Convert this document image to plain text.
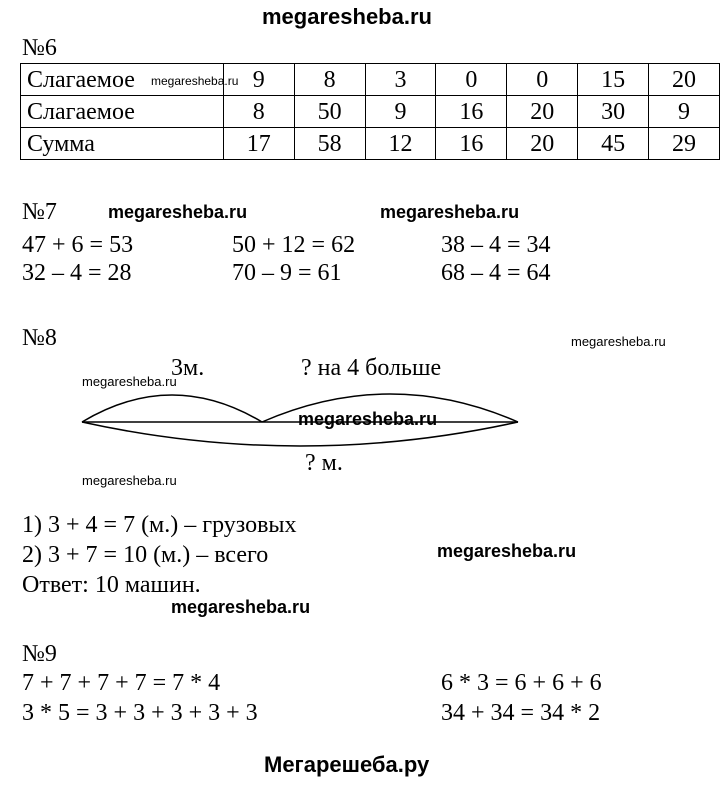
megaresheba.ru
№6
Слагаемое megaresheba.ru	9	8	3	0	0	15	20
Слагаемое	8	50	9	16	20	30	9
Сумма	17	58	12	16	20	45	29
№7	megaresheba.ru	megaresheba.ru
47 + 6 = 53
32 – 4 = 28
50 + 12 = 62
70 – 9 = 61
38 – 4 = 34
68 – 4 = 64
№8	megaresheba.ru
3м.	? на 4 больше
megaresheba.ru
megaresheba.ru
? м.
megaresheba.ru
1) 3 + 4 = 7 (м.) – грузовых
2) 3 + 7 = 10 (м.) – всего
Ответ: 10 машин.
megaresheba.ru
megaresheba.ru
№9
7 + 7 + 7 + 7 = 7 * 4
3 * 5 = 3 + 3 + 3 + 3 + 3
6 * 3 = 6 + 6 + 6
34 + 34 = 34 * 2
Мегарешеба.ру
